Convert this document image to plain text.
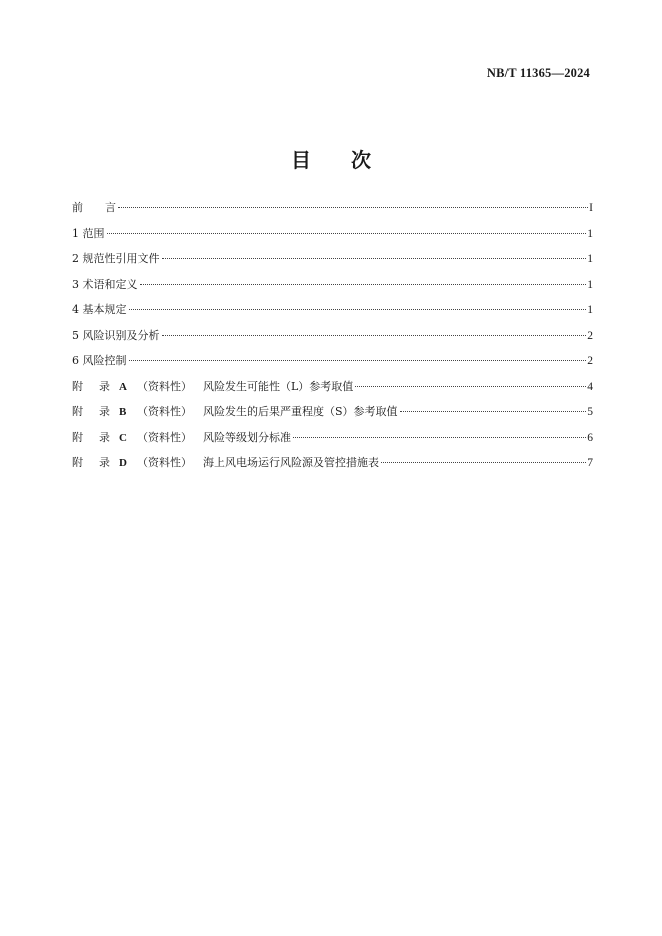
NB/T 11365—2024
目 次
前 言	I
1 范围	1
2 规范性引用文件	1
3 术语和定义	1
4 基本规定	1
5 风险识别及分析	2
6 风险控制	2
附 录 A （资料性） 风险发生可能性（L）参考取值	4
附 录 B （资料性） 风险发生的后果严重程度（S）参考取值	5
附 录 C （资料性） 风险等级划分标准	6
附 录 D （资料性） 海上风电场运行风险源及管控措施表	7
